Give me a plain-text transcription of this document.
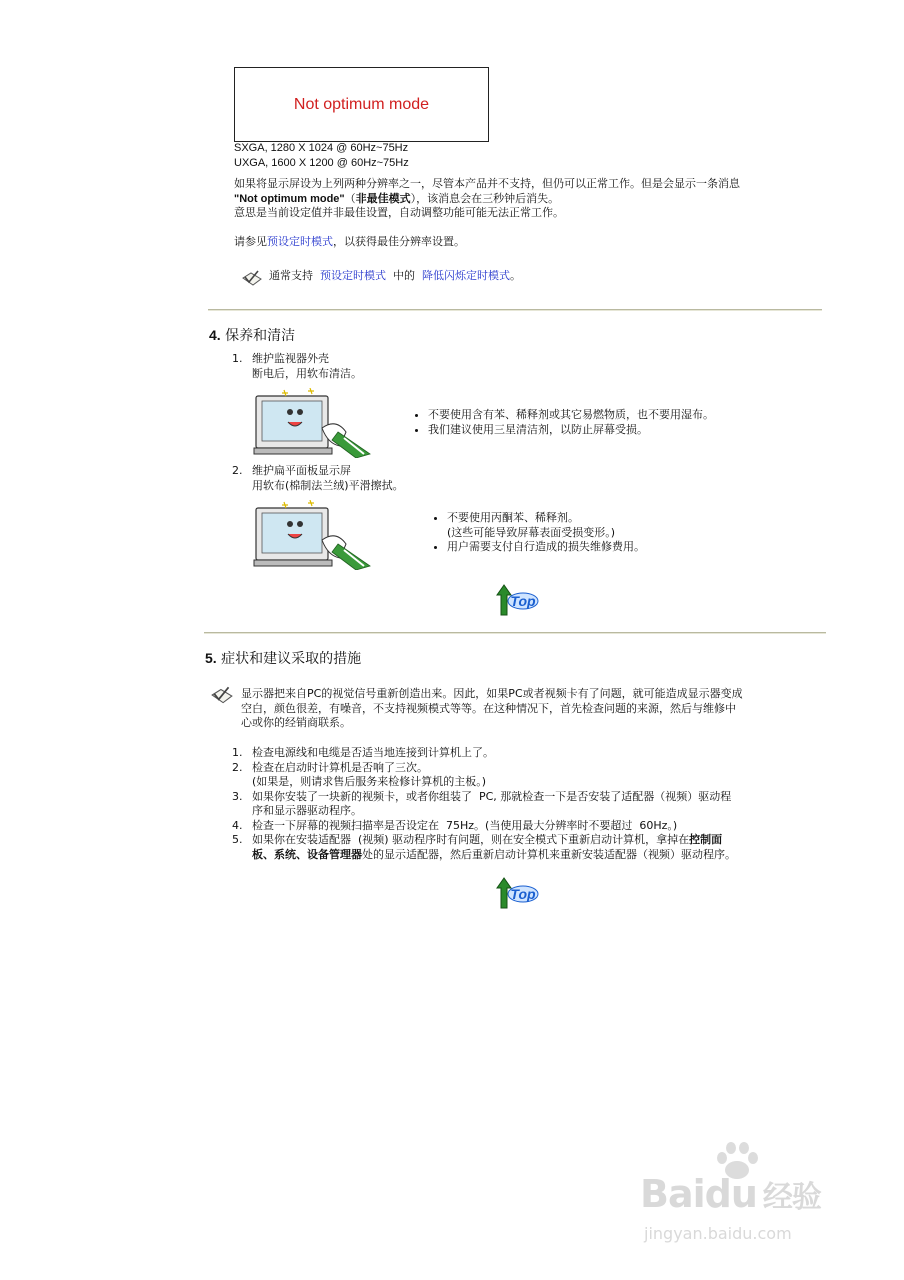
Not optimum mode
SXGA, 1280 X 1024 @ 60Hz~75Hz
UXGA, 1600 X 1200 @ 60Hz~75Hz
如果将显示屏设为上列两种分辨率之一，尽管本产品并不支持，但仍可以正常工作。但是会显示一条消息
"Not optimum mode"（非最佳模式），该消息会在三秒钟后消失。
意思是当前设定值并非最佳设置，自动调整功能可能无法正常工作。
请参见预设定时模式，以获得最佳分辨率设置。
通常支持 预设定时模式 中的 降低闪烁定时模式。
4. 保养和清洁
1. 维护监视器外壳
断电后，用软布清洁。
• 不要使用含有苯、稀释剂或其它易燃物质，也不要用湿布。
• 我们建议使用三星清洁剂，以防止屏幕受损。
2. 维护扁平面板显示屏
用软布(棉制法兰绒)平滑擦拭。
• 不要使用丙酮苯、稀释剂。
(这些可能导致屏幕表面受损变形。)
• 用户需要支付自行造成的损失维修费用。
Top
5. 症状和建议采取的措施
显示器把来自PC的视觉信号重新创造出来。因此，如果PC或者视频卡有了问题，就可能造成显示器变成
空白，颜色很差，有噪音，不支持视频模式等等。在这种情况下，首先检查问题的来源，然后与维修中
心或你的经销商联系。
1. 检查电源线和电缆是否适当地连接到计算机上了。
2. 检查在启动时计算机是否响了三次。
(如果是，则请求售后服务来检修计算机的主板。)
3. 如果你安装了一块新的视频卡，或者你组装了  PC, 那就检查一下是否安装了适配器（视频）驱动程
序和显示器驱动程序。
4. 检查一下屏幕的视频扫描率是否设定在  75Hz。(当使用最大分辨率时不要超过  60Hz。)
5. 如果你在安装适配器  (视频) 驱动程序时有问题，则在安全模式下重新启动计算机，拿掉在控制面
板、系统、设备管理器处的显示适配器，然后重新启动计算机来重新安装适配器（视频）驱动程序。
Top
Baidu 经验
jingyan.baidu.com
